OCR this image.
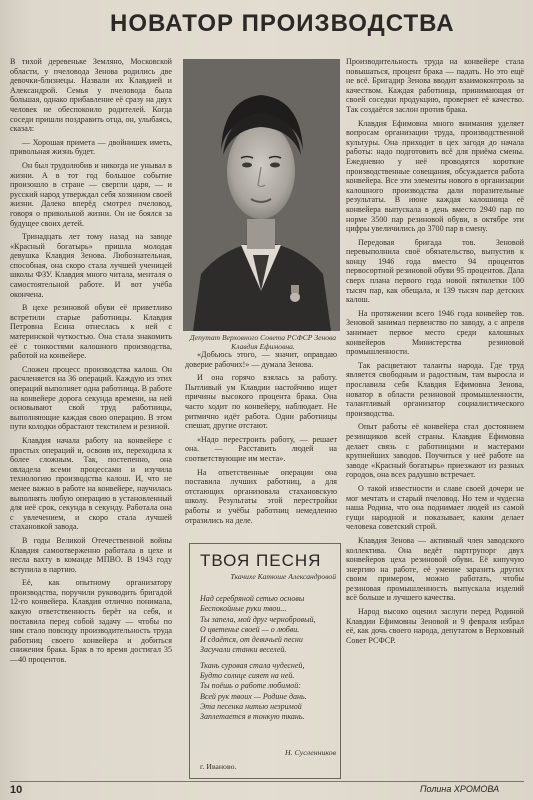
НОВАТОР ПРОИЗВОДСТВА

В тихой деревеньке Земляно, Московской области, у пчеловода Зенова родились две девочки-близнецы. Назвали их Клавдией и Александрой. Семья у пчеловода была большая, однако прибавление её сразу на двух человек не обеспокоило родителей. Когда соседи пришли поздравить отца, он, улыбаясь, сказал:

— Хорошая примета — двойнишек иметь, привольная жизнь будет.

Он был трудолюбив и никогда не унывал в жизни. А в тот год большое событие произошло в стране — свергли царя, — и русский народ утверждал себя хозяином своей жизни. Далеко вперёд смотрел пчеловод, говоря о привольной жизни. Он не боялся за будущее своих детей.

Тринадцать лет тому назад на заводе «Красный богатырь» пришла молодая девушка Клавдия Зенова. Любознательная, способная, она скоро стала лучшей ученицей школы ФЗУ. Клавдия много читала, менталя о самостоятельной работе. И вот учёба окончена.

В цехе резиновой обуви её приветливо встретили старые работницы. Клавдия Петровна Есина отнеслась к ней с материнской чуткостью. Она стала знакомить её с тонкостями калошного производства, работой на конвейере.

Сложен процесс производства калош. Он расчленяется на 36 операций. Каждую из этих операций выполняет одна работница. В работе на конвейере дорога секунда времени, на ней основывают свой труд работницы, выполняющие каждая свою операцию. В этом пути колодки обрастают текстилем и резиной.

Клавдия начала работу на конвейере с простых операций и, освоив их, переходила к более сложным. Так, постепенно, она овладела всеми процессами и изучила технологию производства калош. И, что не менее важно в работе на конвейере, научилась выполнять любую операцию в установленный для неё срок, секунда в секунду. Работала она с увлечением, и скоро стала лучшей стахановкой завода.

В годы Великой Отечественной войны Клавдия самоотверженно работала в цехе и несла вахту в команде МПВО. В 1943 году вступила в партию.

Её, как опытному организатору производства, поручили руководить бригадой 12-го конвейера. Клавдия отлично понимала, какую ответственность берёт на себя, и поставила перед собой задачу — чтобы по ним стало повсюду производительность труда работниц своего конвейера и добиться снижения брака. Брак в то время достигал 35—40 процентов.

Депутат Верховного Совета РСФСР Зенова Клавдия Ефимовна.

«Добьюсь этого, — значит, оправдаю доверие рабочих!» — думала Зенова.

И она горячо взялась за работу. Пытливый ум Клавдии настойчиво ищет причины высокого процента брака. Она часто ходит по конвейеру, наблюдает. Не ритмично идёт работа. Одни работницы спешат, другие отстают.

«Надо перестроить работу, — решает она. — Расставить людей на соответствующие им места».

На ответственные операции она поставила лучших работниц, а для отстающих организовала стахановскую школу. Результаты этой перестройки работы и учёбы работниц немедленно отразились на деле.

ТВОЯ ПЕСНЯ
Ткачихе Катюше Александровой
Над серебряной сетью основы
Беспокойные руки твои...
Ты запела, мой друг чернобровый,
О цветенье своей — о любви.
И сдаётся, от девичьей песни
Засучали станки веселей.
Ткань суровая стала чудесней,
Будто солнце сияет на ней.
Ты поёшь о работе любимой:
Всей рук твоих — Родине дань.
Эта песенка нитью незримой
Заплетается в тонкую ткань.
Н. Сусленников
г. Иваново.

Производительность труда на конвейере стала повышаться, процент брака — падать. Но это ещё не всё. Бригадир Зенова вводит взаимоконтроль за качеством. Каждая работница, принимающая от своей соседки продукцию, проверяет её качество. Так создаётся заслон против брака.

Клавдия Ефимовна много внимания уделяет вопросам организации труда, производственной культуры. Она приходит в цех загодя до начала работы: надо подготовить всё для приёма смены. Ежедневно у неё проводятся короткие производственные совещания, обсуждается работа конвейера. Все эти элементы нового в организации калошного производства дали поразительные результаты. В июне каждая калошница её конвейера выпускала в день вместо 2940 пар по норме 3500 пар резиновой обуви, в октябре эти цифры увеличились до 3700 пар в смену.

Передовая бригада тов. Зеновой перевыполнила своё обязательство, выпустив к концу 1946 года вместо 94 процентов первосортной резиновой обуви 95 процентов. Дала сверх плана первого года новой пятилетки 100 тысяч пар, как обещала, и 139 тысяч пар детских калош.

На протяжении всего 1946 года конвейер тов. Зеновой занимал первенство по заводу, а с апреля занимает первое место среди калошных конвейеров Министерства резиновой промышленности.

Так расцветают таланты народа. Где труд является свободным и радостным, там выросла и прославила себя Клавдия Ефимовна Зенова, новатор в области резиновой промышленности, талантливый организатор социалистического производства.

Опыт работы её конвейера стал достоянием резинщиков всей страны. Клавдия Ефимовна делает связь с работницами и мастерами крупнейших заводов. Поучиться у неё работе на заводе «Красный богатырь» приезжают из разных городов, она всех радушно встречает.

О такой известности и славе своей дочери не мог мечтать и старый пчеловод. Но тем и чудесна наша Родина, что она поднимает людей из самой гущи народной и показывает, каким делает человека советский строй.

Клавдия Зенова — активный член заводского коллектива. Она ведёт партгрупорг двух конвейеров цеха резиновой обуви. Её кипучую энергию на работе, её умение заразить других своим примером, можно работать, чтобы резиновая промышленность выпускала изделий всё больше и лучшего качества.

Народ высоко оценил заслуги перед Родиной Клавдии Ефимовны Зеновой и 9 февраля избрал её, как дочь своего народа, депутатом в Верховный Совет РСФСР.

10	Полина ХРОМОВА
